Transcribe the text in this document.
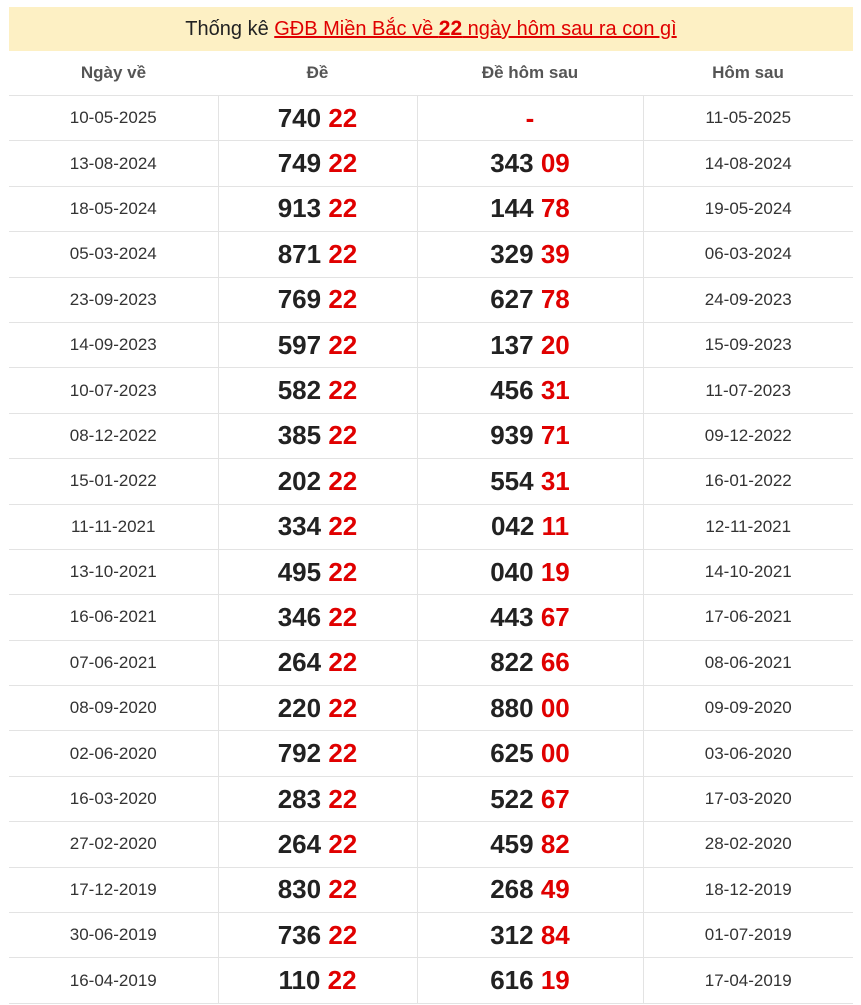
Thống kê
GĐB Miền Bắc về 22 ngày hôm sau ra con gì
Ngày về	Đề	Đề hôm sau	Hôm sau
10-05-2025	740 22	-	11-05-2025
13-08-2024	749 22	343 09	14-08-2024
18-05-2024	913 22	144 78	19-05-2024
05-03-2024	871 22	329 39	06-03-2024
23-09-2023	769 22	627 78	24-09-2023
14-09-2023	597 22	137 20	15-09-2023
10-07-2023	582 22	456 31	11-07-2023
08-12-2022	385 22	939 71	09-12-2022
15-01-2022	202 22	554 31	16-01-2022
11-11-2021	334 22	042 11	12-11-2021
13-10-2021	495 22	040 19	14-10-2021
16-06-2021	346 22	443 67	17-06-2021
07-06-2021	264 22	822 66	08-06-2021
08-09-2020	220 22	880 00	09-09-2020
02-06-2020	792 22	625 00	03-06-2020
16-03-2020	283 22	522 67	17-03-2020
27-02-2020	264 22	459 82	28-02-2020
17-12-2019	830 22	268 49	18-12-2019
30-06-2019	736 22	312 84	01-07-2019
16-04-2019	110 22	616 19	17-04-2019
